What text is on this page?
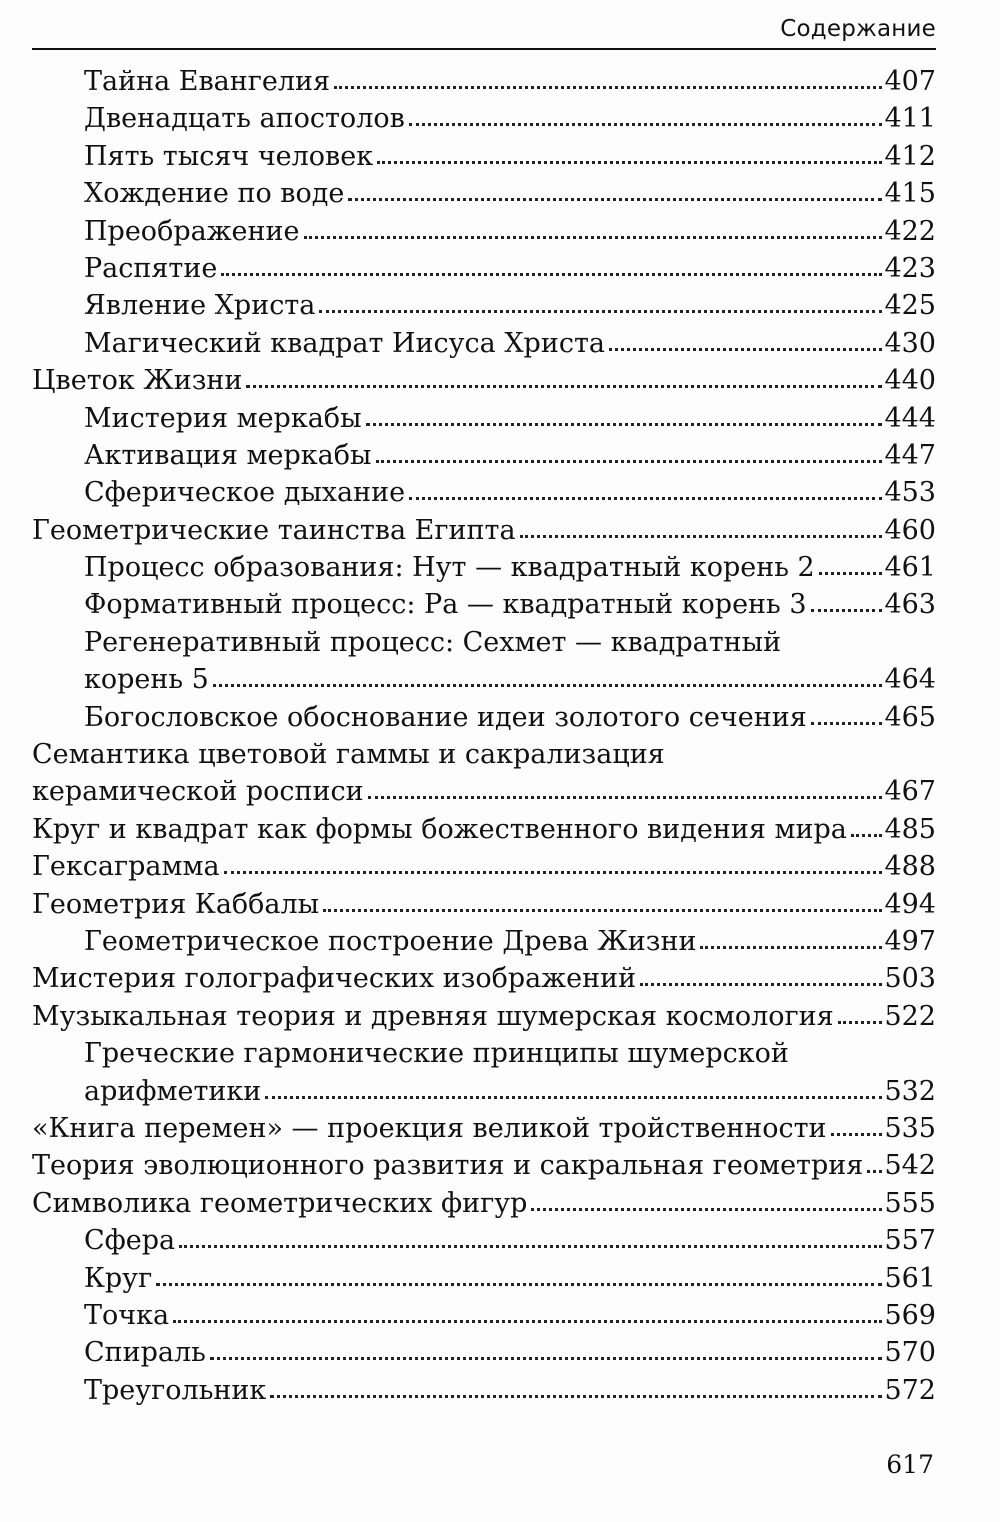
Содержание
Тайна Евангелия	407
Двенадцать апостолов	411
Пять тысяч человек	412
Хождение по воде	415
Преображение	422
Распятие	423
Явление Христа	425
Магический квадрат Иисуса Христа	430
Цветок Жизни	440
Мистерия меркабы	444
Активация меркабы	447
Сферическое дыхание	453
Геометрические таинства Египта	460
Процесс образования: Нут — квадратный корень 2	461
Формативный процесс: Ра — квадратный корень 3	463
Регенеративный процесс: Сехмет — квадратный
корень 5	464
Богословское обоснование идеи золотого сечения	465
Семантика цветовой гаммы и сакрализация
керамической росписи	467
Круг и квадрат как формы божественного видения мира 485
Гексаграмма	488
Геометрия Каббалы	494
Геометрическое построение Древа Жизни	497
Мистерия голографических изображений	503
Музыкальная теория и древняя шумерская космология 522
Греческие гармонические принципы шумерской
арифметики	532
«Книга перемен» — проекция великой тройственности 535
Теория эволюционного развития и сакральная геометрия 542
Символика геометрических фигур	555
Сфера	557
Круг	561
Точка	569
Спираль	570
Треугольник	572
617
